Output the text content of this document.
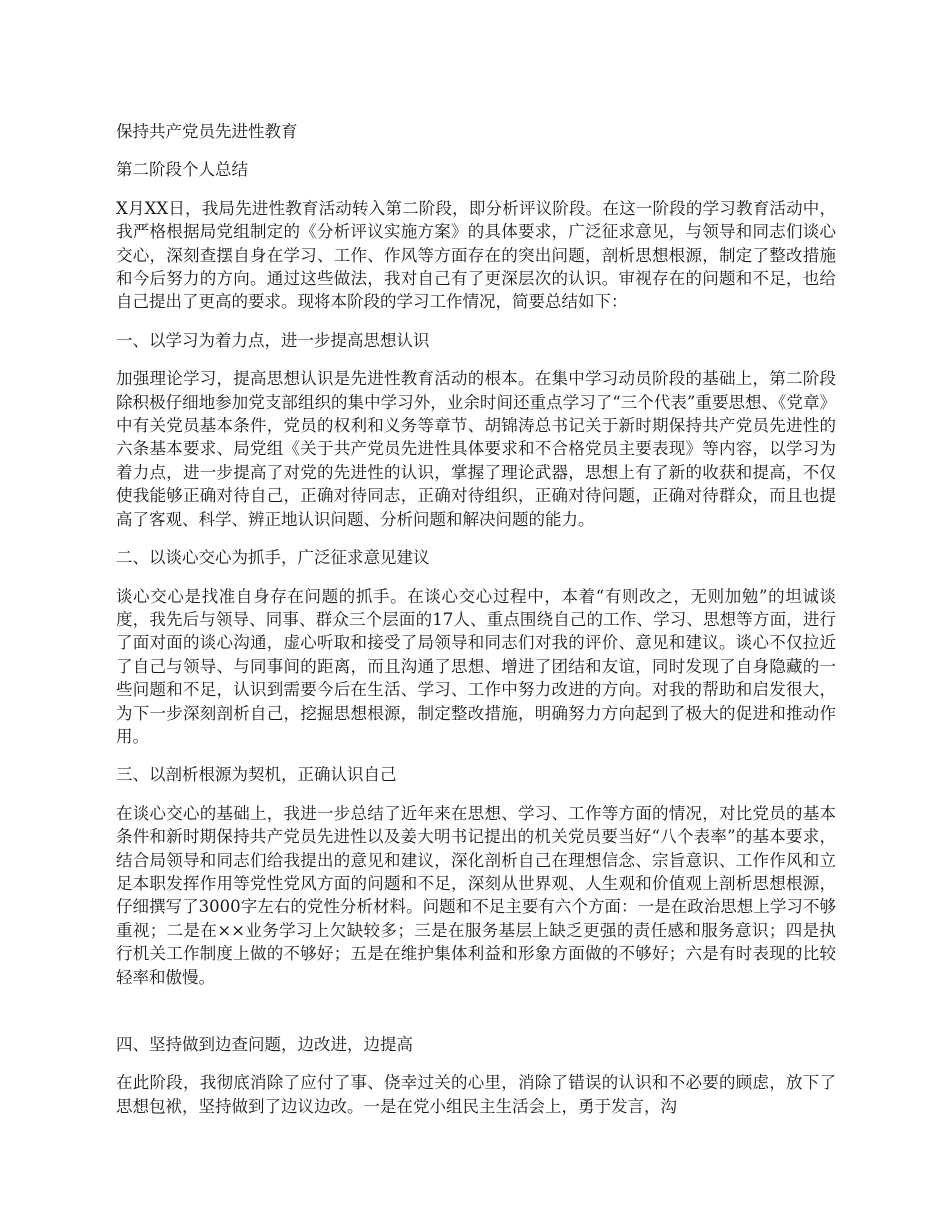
保持共产党员先进性教育

第二阶段个人总结

X月XX日，我局先进性教育活动转入第二阶段，即分析评议阶段。在这一阶段的学习教育活动中，我严格根据局党组制定的《分析评议实施方案》的具体要求，广泛征求意见，与领导和同志们谈心交心，深刻查摆自身在学习、工作、作风等方面存在的突出问题，剖析思想根源，制定了整改措施和今后努力的方向。通过这些做法，我对自己有了更深层次的认识。审视存在的问题和不足，也给自己提出了更高的要求。现将本阶段的学习工作情况，简要总结如下：

一、以学习为着力点，进一步提高思想认识

加强理论学习，提高思想认识是先进性教育活动的根本。在集中学习动员阶段的基础上，第二阶段除积极仔细地参加党支部组织的集中学习外，业余时间还重点学习了“三个代表”重要思想、《党章》中有关党员基本条件，党员的权利和义务等章节、胡锦涛总书记关于新时期保持共产党员先进性的六条基本要求、局党组《关于共产党员先进性具体要求和不合格党员主要表现》等内容，以学习为着力点，进一步提高了对党的先进性的认识，掌握了理论武器，思想上有了新的收获和提高，不仅使我能够正确对待自己，正确对待同志，正确对待组织，正确对待问题，正确对待群众，而且也提高了客观、科学、辨正地认识问题、分析问题和解决问题的能力。

二、以谈心交心为抓手，广泛征求意见建议

谈心交心是找准自身存在问题的抓手。在谈心交心过程中，本着“有则改之，无则加勉”的坦诚谈度，我先后与领导、同事、群众三个层面的17人、重点围绕自己的工作、学习、思想等方面，进行了面对面的谈心沟通，虚心听取和接受了局领导和同志们对我的评价、意见和建议。谈心不仅拉近了自己与领导、与同事间的距离，而且沟通了思想、增进了团结和友谊，同时发现了自身隐藏的一些问题和不足，认识到需要今后在生活、学习、工作中努力改进的方向。对我的帮助和启发很大，为下一步深刻剖析自己，挖掘思想根源，制定整改措施，明确努力方向起到了极大的促进和推动作用。

三、以剖析根源为契机，正确认识自己

在谈心交心的基础上，我进一步总结了近年来在思想、学习、工作等方面的情况，对比党员的基本条件和新时期保持共产党员先进性以及姜大明书记提出的机关党员要当好“八个表率”的基本要求，结合局领导和同志们给我提出的意见和建议，深化剖析自己在理想信念、宗旨意识、工作作风和立足本职发挥作用等党性党风方面的问题和不足，深刻从世界观、人生观和价值观上剖析思想根源，仔细撰写了3000字左右的党性分析材料。问题和不足主要有六个方面：一是在政治思想上学习不够重视；二是在××业务学习上欠缺较多；三是在服务基层上缺乏更强的责任感和服务意识；四是执行机关工作制度上做的不够好；五是在维护集体利益和形象方面做的不够好；六是有时表现的比较轻率和傲慢。

四、坚持做到边查问题，边改进，边提高

在此阶段，我彻底消除了应付了事、侥幸过关的心里，消除了错误的认识和不必要的顾虑，放下了思想包袱，坚持做到了边议边改。一是在党小组民主生活会上，勇于发言，沟
